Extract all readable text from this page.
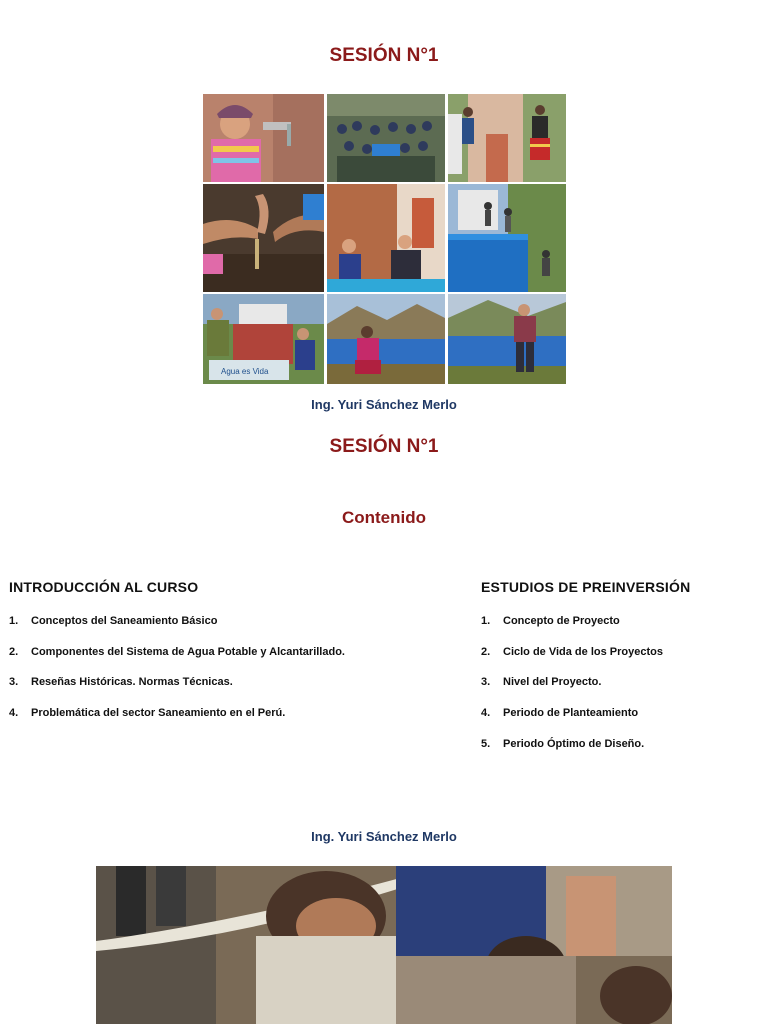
SESIÓN N°1
Agua es Vida
Ing. Yuri Sánchez Merlo
SESIÓN N°1
Contenido
INTRODUCCIÓN AL CURSO
1. Conceptos del Saneamiento Básico
2. Componentes del Sistema de Agua Potable y Alcantarillado.
3. Reseñas Históricas. Normas Técnicas.
4. Problemática del sector Saneamiento en el Perú.
ESTUDIOS DE PREINVERSIÓN
1. Concepto de Proyecto
2. Ciclo de Vida de los Proyectos
3. Nivel del Proyecto.
4. Periodo de Planteamiento
5. Periodo Óptimo de Diseño.
Ing. Yuri Sánchez Merlo
